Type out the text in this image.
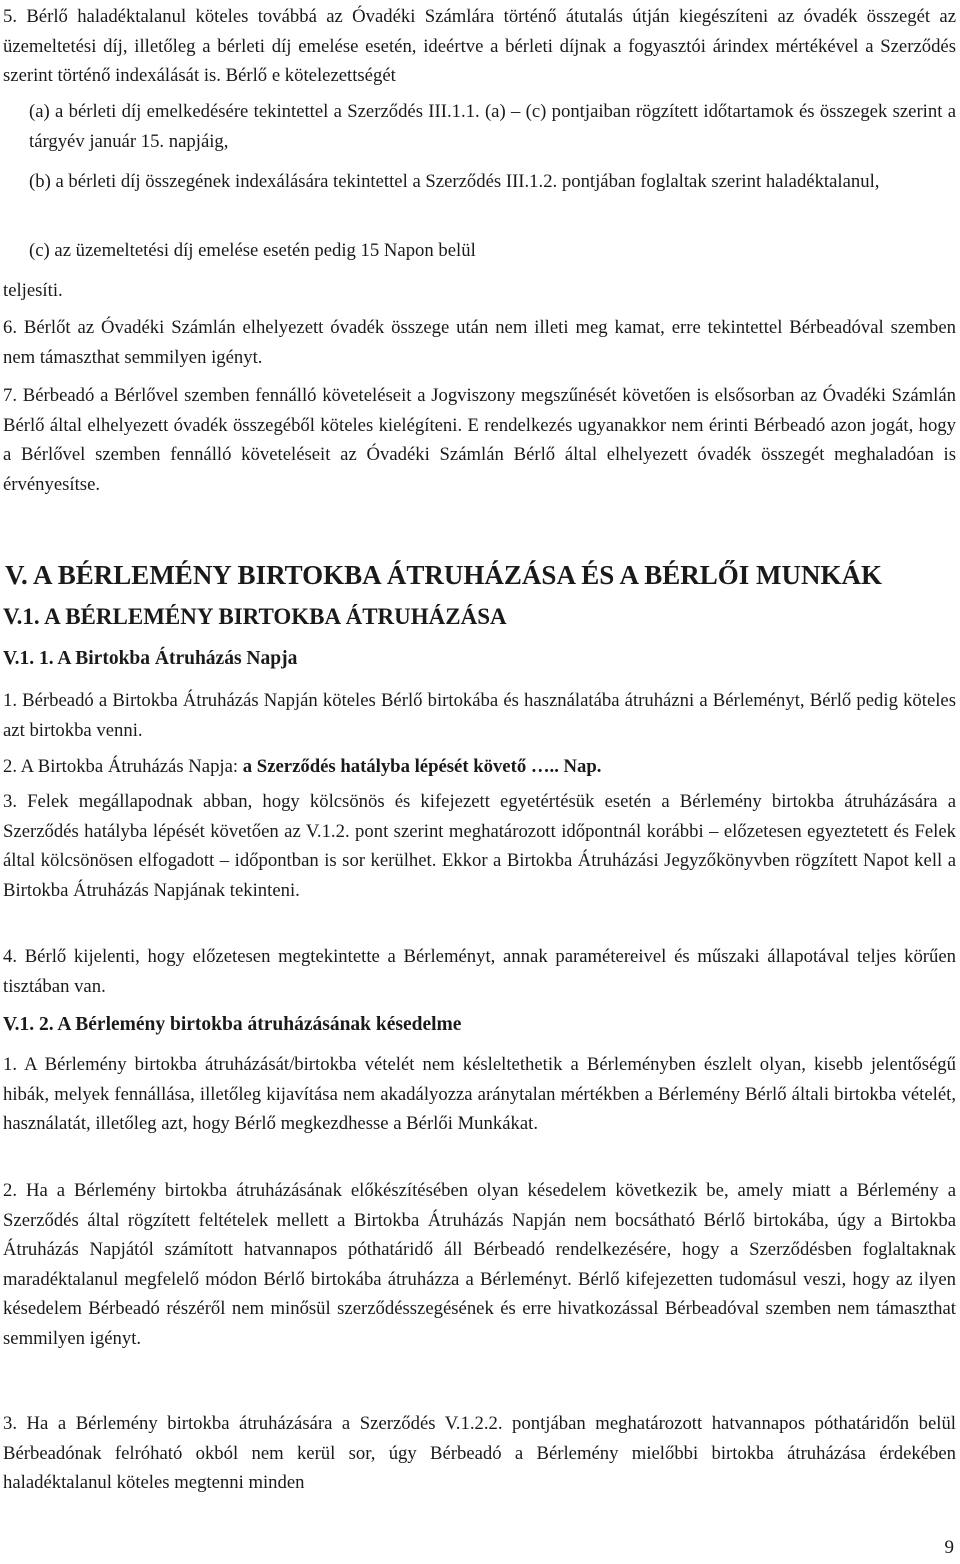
5. Bérlő haladéktalanul köteles továbbá az Óvadéki Számlára történő átutalás útján kiegészíteni az óvadék összegét az üzemeltetési díj, illetőleg a bérleti díj emelése esetén, ideértve a bérleti díjnak a fogyasztói árindex mértékével a Szerződés szerint történő indexálását is. Bérlő e kötelezettségét

(a) a bérleti díj emelkedésére tekintettel a Szerződés III.1.1. (a) – (c) pontjaiban rögzített időtartamok és összegek szerint a tárgyév január 15. napjáig,

(b) a bérleti díj összegének indexálására tekintettel a Szerződés III.1.2. pontjában foglaltak szerint haladéktalanul,

(c) az üzemeltetési díj emelése esetén pedig 15 Napon belül

teljesíti.

6. Bérlőt az Óvadéki Számlán elhelyezett óvadék összege után nem illeti meg kamat, erre tekintettel Bérbeadóval szemben nem támaszthat semmilyen igényt.

7. Bérbeadó a Bérlővel szemben fennálló követeléseit a Jogviszony megszűnését követően is elsősorban az Óvadéki Számlán Bérlő által elhelyezett óvadék összegéből köteles kielégíteni. E rendelkezés ugyanakkor nem érinti Bérbeadó azon jogát, hogy a Bérlővel szemben fennálló követeléseit az Óvadéki Számlán Bérlő által elhelyezett óvadék összegét meghaladóan is érvényesítse.

V. A BÉRLEMÉNY BIRTOKBA ÁTRUHÁZÁSA ÉS A BÉRLŐI MUNKÁK
V.1. A BÉRLEMÉNY BIRTOKBA ÁTRUHÁZÁSA
V.1. 1. A Birtokba Átruházás Napja

1. Bérbeadó a Birtokba Átruházás Napján köteles Bérlő birtokába és használatába átruházni a Bérleményt, Bérlő pedig köteles azt birtokba venni.

2. A Birtokba Átruházás Napja: a Szerződés hatályba lépését követő ….. Nap.

3. Felek megállapodnak abban, hogy kölcsönös és kifejezett egyetértésük esetén a Bérlemény birtokba átruházására a Szerződés hatályba lépését követően az V.1.2. pont szerint meghatározott időpontnál korábbi – előzetesen egyeztetett és Felek által kölcsönösen elfogadott – időpontban is sor kerülhet. Ekkor a Birtokba Átruházási Jegyzőkönyvben rögzített Napot kell a Birtokba Átruházás Napjának tekinteni.

4. Bérlő kijelenti, hogy előzetesen megtekintette a Bérleményt, annak paramétereivel és műszaki állapotával teljes körűen tisztában van.

V.1. 2. A Bérlemény birtokba átruházásának késedelme

1. A Bérlemény birtokba átruházását/birtokba vételét nem késleltethetik a Bérleményben észlelt olyan, kisebb jelentőségű hibák, melyek fennállása, illetőleg kijavítása nem akadályozza aránytalan mértékben a Bérlemény Bérlő általi birtokba vételét, használatát, illetőleg azt, hogy Bérlő megkezdhesse a Bérlői Munkákat.

2. Ha a Bérlemény birtokba átruházásának előkészítésében olyan késedelem következik be, amely miatt a Bérlemény a Szerződés által rögzített feltételek mellett a Birtokba Átruházás Napján nem bocsátható Bérlő birtokába, úgy a Birtokba Átruházás Napjától számított hatvannapos póthatáridő áll Bérbeadó rendelkezésére, hogy a Szerződésben foglaltaknak maradéktalanul megfelelő módon Bérlő birtokába átruházza a Bérleményt. Bérlő kifejezetten tudomásul veszi, hogy az ilyen késedelem Bérbeadó részéről nem minősül szerződésszegésének és erre hivatkozással Bérbeadóval szemben nem támaszthat semmilyen igényt.

3. Ha a Bérlemény birtokba átruházására a Szerződés V.1.2.2. pontjában meghatározott hatvannapos póthatáridőn belül Bérbeadónak felróható okból nem kerül sor, úgy Bérbeadó a Bérlemény mielőbbi birtokba átruházása érdekében haladéktalanul köteles megtenni minden

9
